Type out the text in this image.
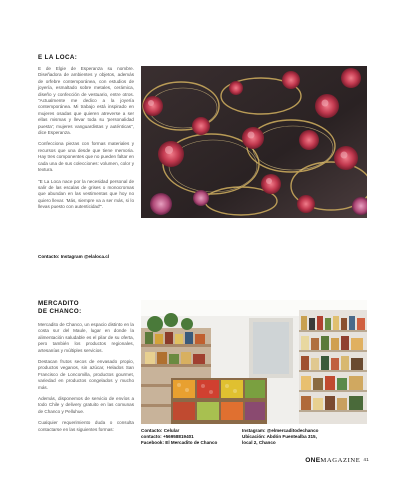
E LA LOCA:

E de Elgie de Esperanza su nombre. Diseñadora de ambientes y objetos, además de orfebre contemporánea, con estudios de joyería, esmaltado sobre metales, cerámica, diseño y confección de vestuario, entre otros. "Actualmente me dedico a la joyería contemporánea. Mi trabajo está inspirado en mujeres osadas que quieren atreverse a ser ellas mismas y llevar toda su 'personalidad puesta'; mujeres vanguardistas y auténticas", dice Esperanza.

Confecciona piezas con formas materiales y recursos que una desde que tiene memoria. Hay tres componentes que no pueden faltar en cada una de sus colecciones: volumen, color y textura.

"E La Loca nace por la necesidad personal de salir de las escalas de grises o monocromas que abundan en las vestimentas que hoy no quiero llevar. 'Más, siempre va a ser más, si lo llevas puesto con autenticidad'".

Contacto: Instagram @elaloca.cl
MERCADITO
DE CHANCO:

Mercadito de Chanco, un espacio distinto en la costa sur del Maule, lugar en donde la alimentación saludable es el pilar de su oferta, pero también los productos regionales, artesanías y múltiples servicios.

Destacan frutos secos de envasado propio, productos veganos, sin azúcar, Helados San Francisco de Loncomilla, productos gourmet, variedad en productos congelados y mucho más.

Además, disponemos de servicio de envíos a todo Chile y delivery gratuito en las comunas de Chanco y Pelluhue.

Cualquier requerimiento duda o consulta contactarse en las siguientes formas:	Contacto: Celular
contacto: +56958819401
Facebook: El Mercadito de Chanco
Instagram: @elmercaditodechanco
Ubicación: Abdón Fuentealba 315,
local 2, Chanco
ONEMAGAZINE $^{41}$
